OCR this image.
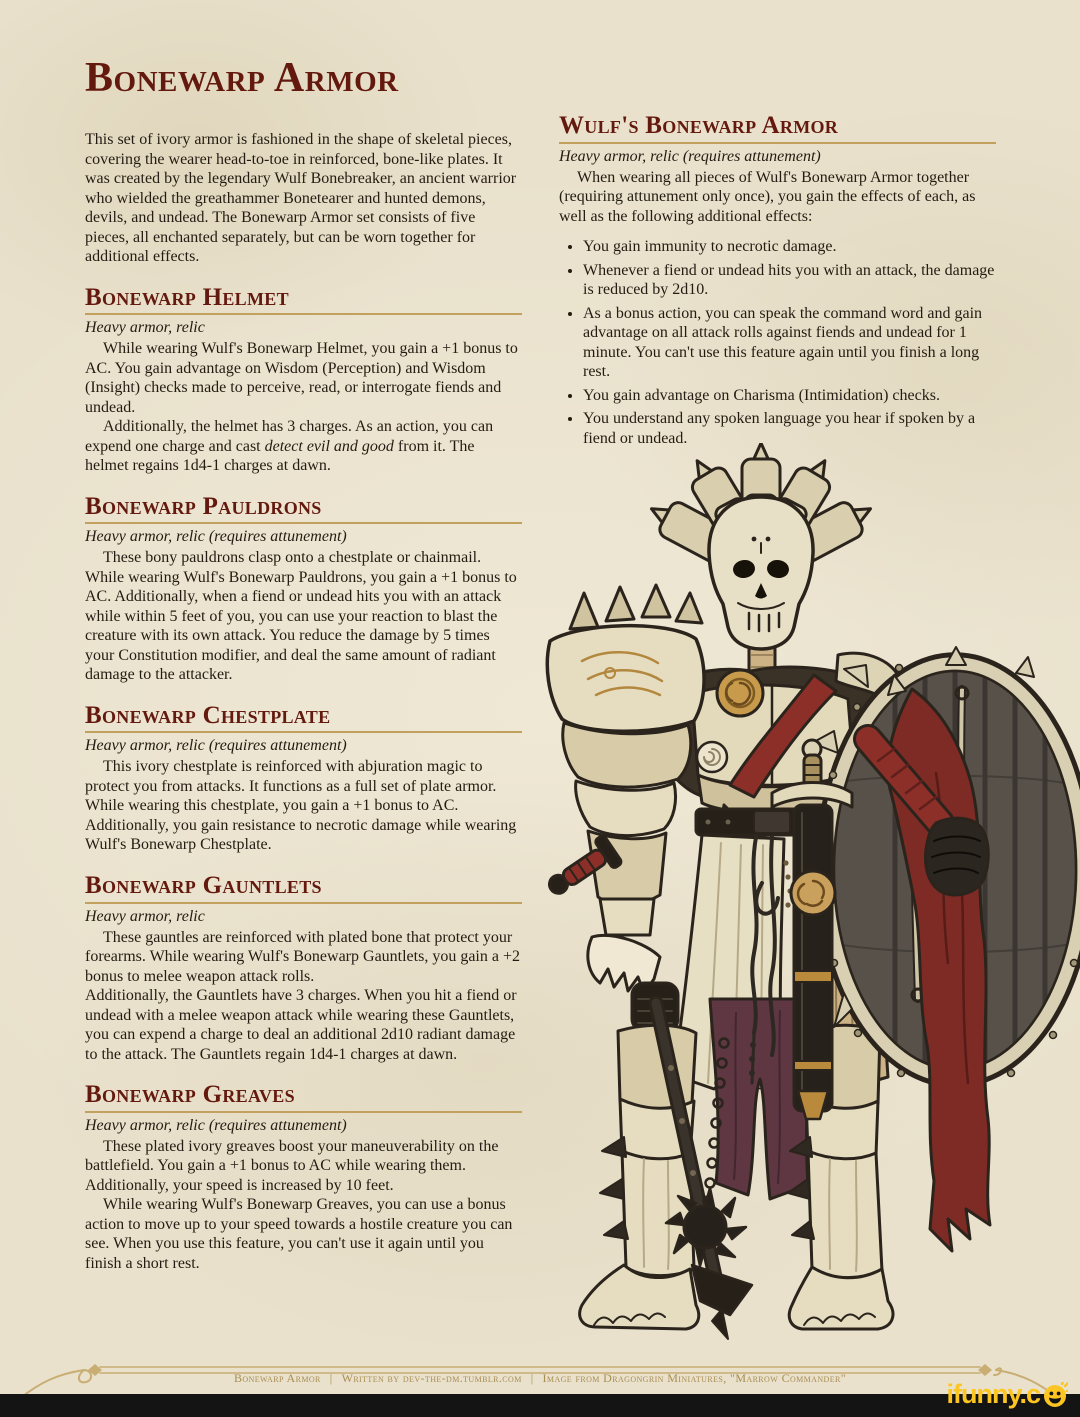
Bonewarp Armor

This set of ivory armor is fashioned in the shape of skeletal pieces, covering the wearer head-to-toe in reinforced, bone-like plates. It was created by the legendary Wulf Bonebreaker, an ancient warrior who wielded the greathammer Bonetearer and hunted demons, devils, and undead. The Bonewarp Armor set consists of five pieces, all enchanted separately, but can be worn together for additional effects.

Bonewarp Helmet

Heavy armor, relic

While wearing Wulf's Bonewarp Helmet, you gain a +1 bonus to AC. You gain advantage on Wisdom (Perception) and Wisdom (Insight) checks made to perceive, read, or interrogate fiends and undead.

Additionally, the helmet has 3 charges. As an action, you can expend one charge and cast detect evil and good from it. The helmet regains 1d4-1 charges at dawn.

Bonewarp Pauldrons

Heavy armor, relic (requires attunement)

These bony pauldrons clasp onto a chestplate or chainmail. While wearing Wulf's Bonewarp Pauldrons, you gain a +1 bonus to AC. Additionally, when a fiend or undead hits you with an attack while within 5 feet of you, you can use your reaction to blast the creature with its own attack. You reduce the damage by 5 times your Constitution modifier, and deal the same amount of radiant damage to the attacker.

Bonewarp Chestplate

Heavy armor, relic (requires attunement)

This ivory chestplate is reinforced with abjuration magic to protect you from attacks. It functions as a full set of plate armor. While wearing this chestplate, you gain a +1 bonus to AC. Additionally, you gain resistance to necrotic damage while wearing Wulf's Bonewarp Chestplate.

Bonewarp Gauntlets

Heavy armor, relic

These gauntles are reinforced with plated bone that protect your forearms. While wearing Wulf's Bonewarp Gauntlets, you gain a +2 bonus to melee weapon attack rolls.

Additionally, the Gauntlets have 3 charges. When you hit a fiend or undead with a melee weapon attack while wearing these Gauntlets, you can expend a charge to deal an additional 2d10 radiant damage to the attack. The Gauntlets regain 1d4-1 charges at dawn.

Bonewarp Greaves

Heavy armor, relic (requires attunement)

These plated ivory greaves boost your maneuverability on the battlefield. You gain a +1 bonus to AC while wearing them. Additionally, your speed is increased by 10 feet.

While wearing Wulf's Bonewarp Greaves, you can use a bonus action to move up to your speed towards a hostile creature you can see. When you use this feature, you can't use it again until you finish a short rest.

Wulf's Bonewarp Armor

Heavy armor, relic (requires attunement)

When wearing all pieces of Wulf's Bonewarp Armor together (requiring attunement only once), you gain the effects of each, as well as the following additional effects:

• You gain immunity to necrotic damage.
• Whenever a fiend or undead hits you with an attack, the damage is reduced by 2d10.
• As a bonus action, you can speak the command word and gain advantage on all attack rolls against fiends and undead for 1 minute. You can't use this feature again until you finish a long rest.
• You gain advantage on Charisma (Intimidation) checks.
• You understand any spoken language you hear if spoken by a fiend or undead.
Bonewarp Armor | Written by dev-the-dm.tumblr.com | Image from Dragongrin Miniatures, "Marrow Commander"
ifunny.c
